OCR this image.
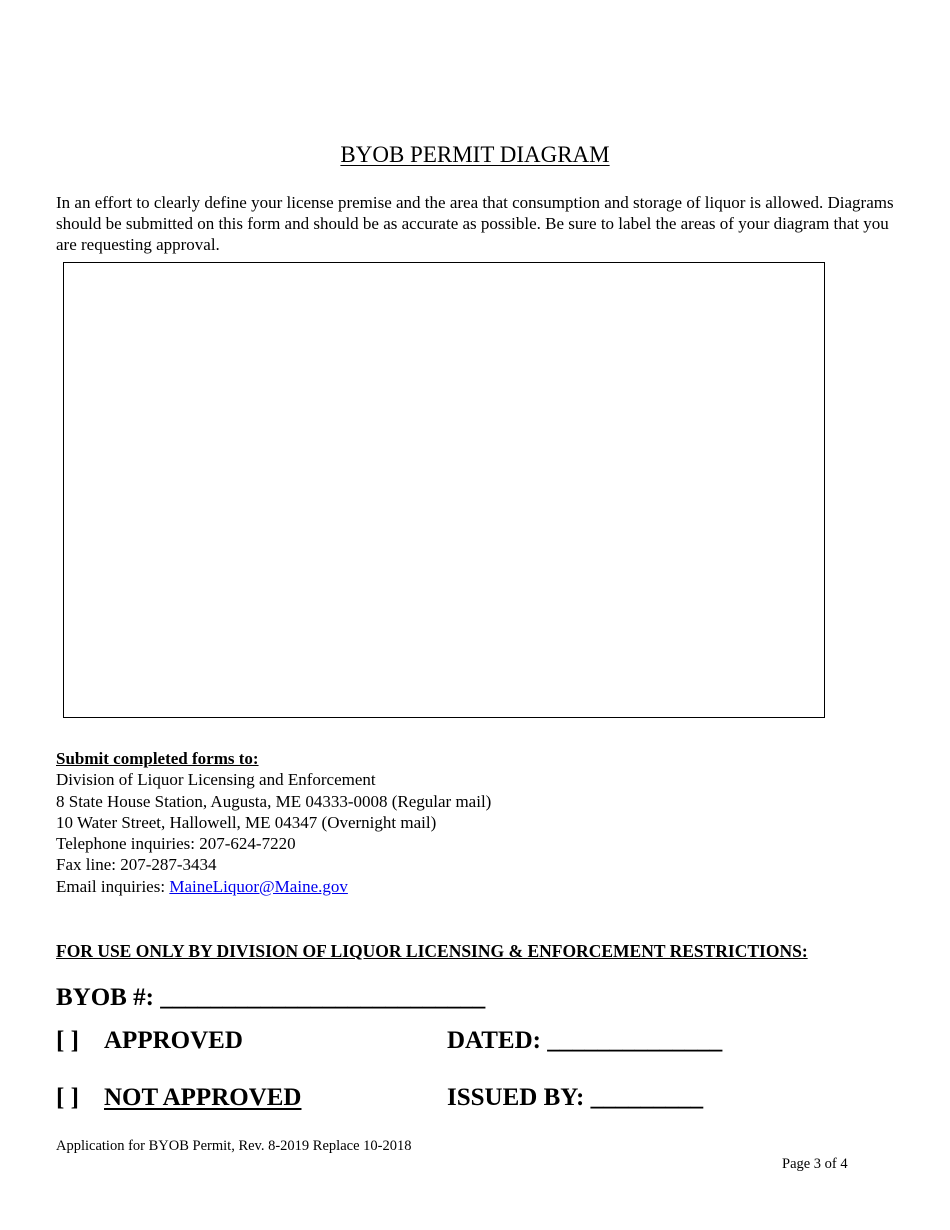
BYOB PERMIT DIAGRAM
In an effort to clearly define your license premise and the area that consumption and storage of liquor is allowed. Diagrams should be submitted on this form and should be as accurate as possible. Be sure to label the areas of your diagram that you are requesting approval.
Submit completed forms to:
Division of Liquor Licensing and Enforcement
8 State House Station, Augusta, ME 04333-0008 (Regular mail)
10 Water Street, Hallowell, ME 04347 (Overnight mail)
Telephone inquiries: 207-624-7220
Fax line: 207-287-3434
Email inquiries: MaineLiquor@Maine.gov
FOR USE ONLY BY DIVISION OF LIQUOR LICENSING & ENFORCEMENT RESTRICTIONS:
BYOB #: __________________________
[ ] APPROVED
[ ] NOT APPROVED
DATED: ______________
ISSUED BY: _________
Application for BYOB Permit, Rev. 8-2019 Replace 10-2018
Page 3 of 4
